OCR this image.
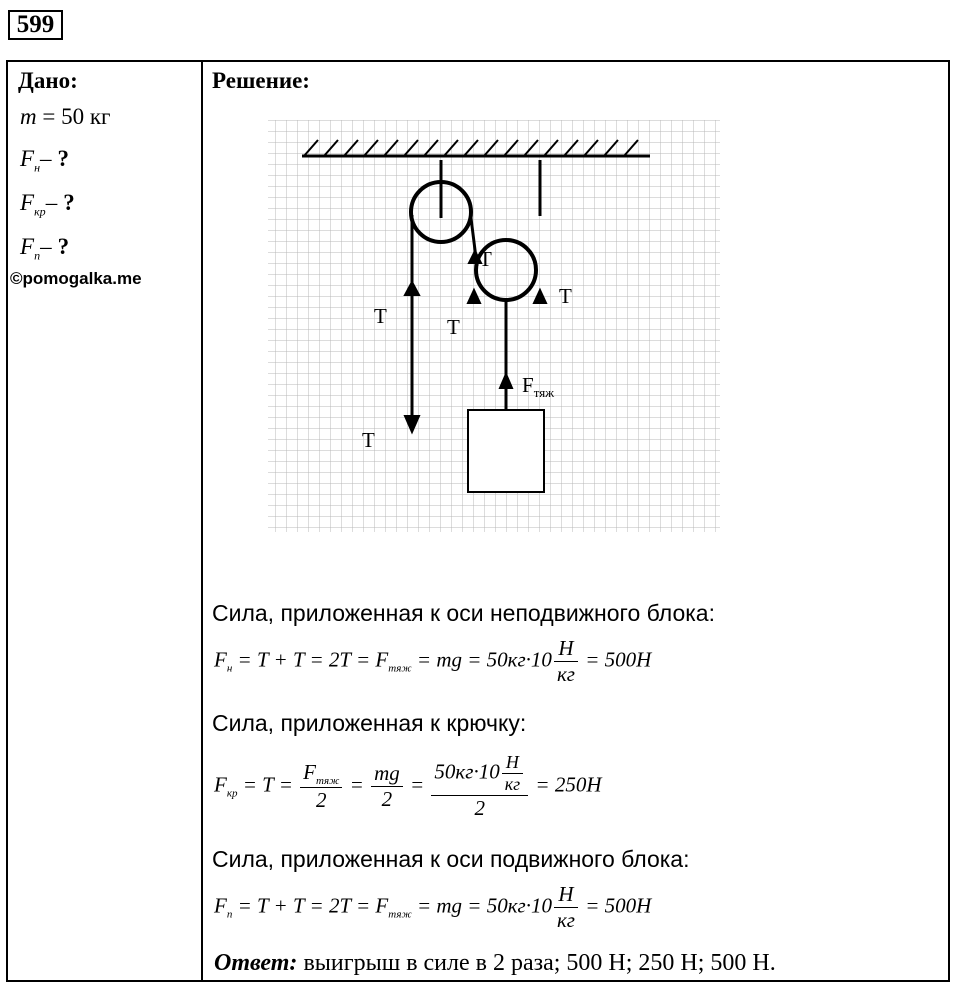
599
Дано:
m = 50 кг
$F_н-$ ?
$F_{кр}-$ ?
$F_п-$ ?
©pomogalka.me
Решение:
T
T	T
T
T
$F_{тяж}$
Сила, приложенная к оси неподвижного блока:
$F_н = T + T = 2T = F_{тяж}$ = mg = $50кг\cdot 10 \frac{H}{кг} = 500H$
Сила, приложенная к крючку:
$F_{кр} = T = \frac{F_{тяж}}{2} = \frac{mg}{2} = \frac{50кг\cdot 10 \frac{H}{кг}}{2} = 250H$
Сила, приложенная к оси подвижного блока:
$F_п = T + T = 2T = F_{тяж}$ = mg = $50кг\cdot 10 \frac{H}{кг} = 500H$
Ответ: выигрыш в силе в 2 раза; 500 Н; 250 Н; 500 Н.
